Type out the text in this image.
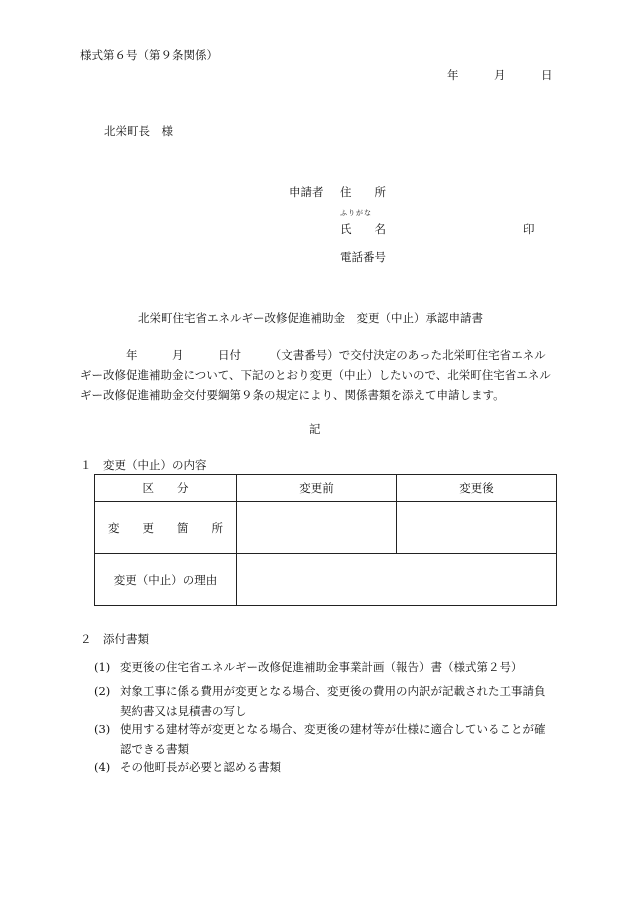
様式第６号（第９条関係）
年	月	日
北栄町長　様
申請者 住　　所
ふりがな
氏　　名	印
電話番号
北栄町住宅省エネルギー改修促進補助金　変更（中止）承認申請書
　　　　年　　　月　　　日付　　　（文書番号）で交付決定のあった北栄町住宅省エネル
ギー改修促進補助金について、下記のとおり変更（中止）したいので、北栄町住宅省エネル
ギー改修促進補助金交付要綱第９条の規定により、関係書類を添えて申請します。
記
１　変更（中止）の内容
区　　分	変更前	変更後
変　　更　　箇　　所		
変更（中止）の理由		
２　添付書類
(1) 変更後の住宅省エネルギー改修促進補助金事業計画（報告）書（様式第２号）
(2) 対象工事に係る費用が変更となる場合、変更後の費用の内訳が記載された工事請負
契約書又は見積書の写し
(3) 使用する建材等が変更となる場合、変更後の建材等が仕様に適合していることが確
認できる書類
(4) その他町長が必要と認める書類
